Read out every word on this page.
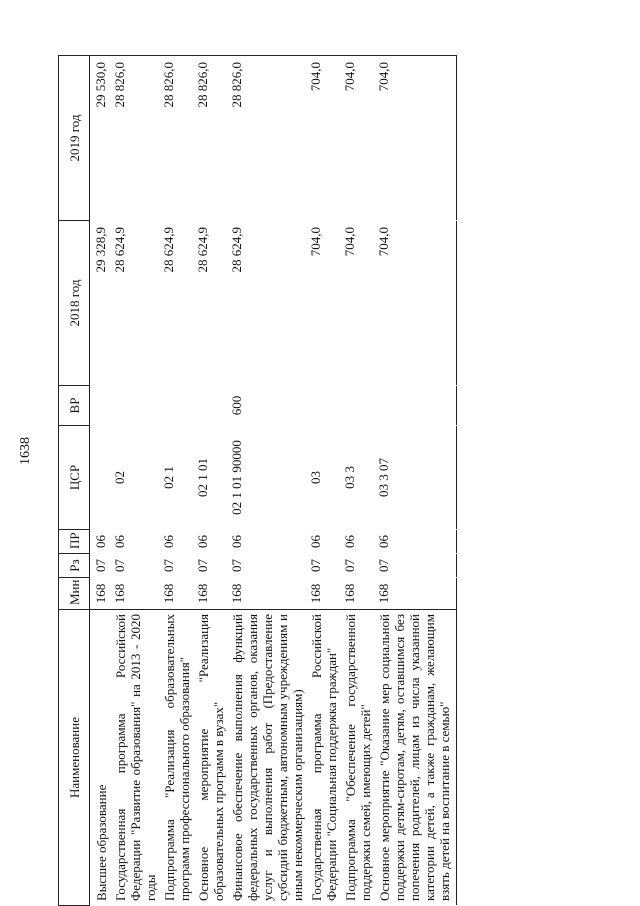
1638
Наименование	Мин	Рз	ПР	ЦСР	ВР	2018 год	2019 год
Высшее образование	168	07	06			29 328,9	29 530,0
Государственная программа Российской Федерации "Развитие образования" на 2013 - 2020 годы	168	07	06	02		28 624,9	28 826,0
Подпрограмма "Реализация образовательных программ профессионального образования"	168	07	06	02 1		28 624,9	28 826,0
Основное мероприятие "Реализация образовательных программ в вузах"	168	07	06	02 1 01		28 624,9	28 826,0
Финансовое обеспечение выполнения функций федеральных государственных органов, оказания услуг и выполнения работ (Предоставление субсидий бюджетным, автономным учреждениям и иным некоммерческим организациям)	168	07	06	02 1 01 90000	600	28 624,9	28 826,0
Государственная программа Российской Федерации "Социальная поддержка граждан"	168	07	06	03		704,0	704,0
Подпрограмма "Обеспечение государственной поддержки семей, имеющих детей"	168	07	06	03 3		704,0	704,0
Основное мероприятие "Оказание мер социальной поддержки детям-сиротам, детям, оставшимся без попечения родителей, лицам из числа указанной категории детей, а также гражданам, желающим взять детей на воспитание в семью"	168	07	06	03 3 07		704,0	704,0
